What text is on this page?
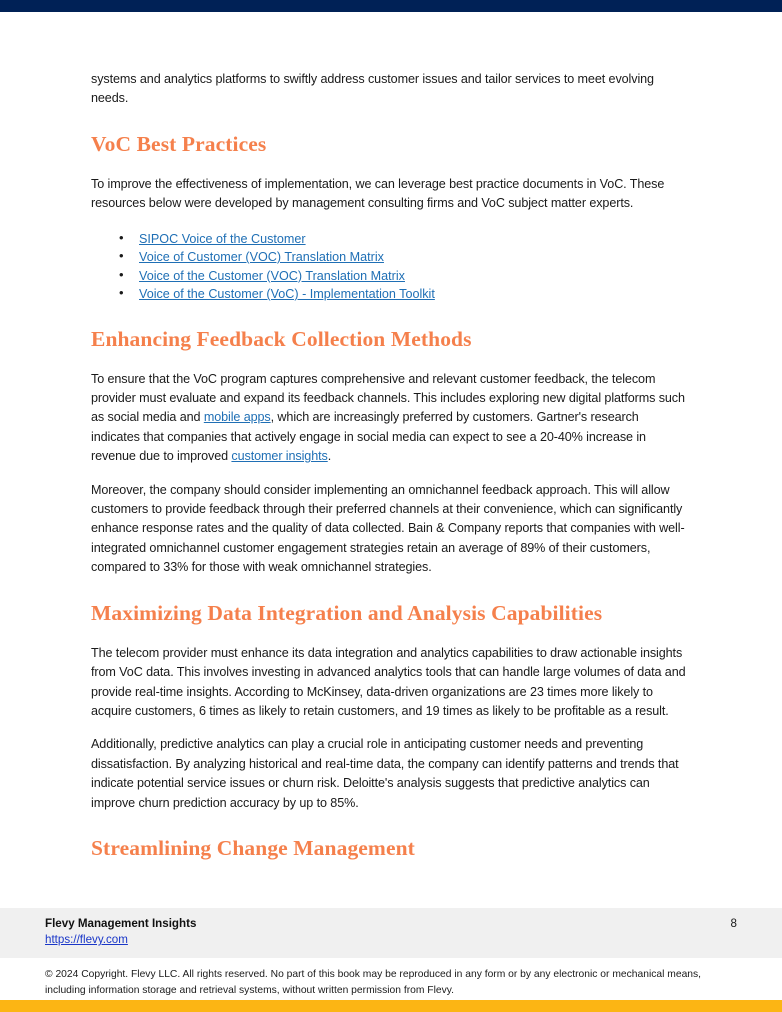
systems and analytics platforms to swiftly address customer issues and tailor services to meet evolving needs.

VoC Best Practices

To improve the effectiveness of implementation, we can leverage best practice documents in VoC. These resources below were developed by management consulting firms and VoC subject matter experts.

• SIPOC Voice of the Customer
• Voice of Customer (VOC) Translation Matrix
• Voice of the Customer (VOC) Translation Matrix
• Voice of the Customer (VoC) - Implementation Toolkit
Enhancing Feedback Collection Methods

To ensure that the VoC program captures comprehensive and relevant customer feedback, the telecom provider must evaluate and expand its feedback channels. This includes exploring new digital platforms such as social media and mobile apps, which are increasingly preferred by customers. Gartner's research indicates that companies that actively engage in social media can expect to see a 20-40% increase in revenue due to improved customer insights.

Moreover, the company should consider implementing an omnichannel feedback approach. This will allow customers to provide feedback through their preferred channels at their convenience, which can significantly enhance response rates and the quality of data collected. Bain & Company reports that companies with well-integrated omnichannel customer engagement strategies retain an average of 89% of their customers, compared to 33% for those with weak omnichannel strategies.

Maximizing Data Integration and Analysis Capabilities

The telecom provider must enhance its data integration and analytics capabilities to draw actionable insights from VoC data. This involves investing in advanced analytics tools that can handle large volumes of data and provide real-time insights. According to McKinsey, data-driven organizations are 23 times more likely to acquire customers, 6 times as likely to retain customers, and 19 times as likely to be profitable as a result.

Additionally, predictive analytics can play a crucial role in anticipating customer needs and preventing dissatisfaction. By analyzing historical and real-time data, the company can identify patterns and trends that indicate potential service issues or churn risk. Deloitte's analysis suggests that predictive analytics can improve churn prediction accuracy by up to 85%.

Streamlining Change Management
Flevy Management Insights
https://flevy.com
8
© 2024 Copyright. Flevy LLC. All rights reserved. No part of this book may be reproduced in any form or by any electronic or mechanical means, including information storage and retrieval systems, without written permission from Flevy.
